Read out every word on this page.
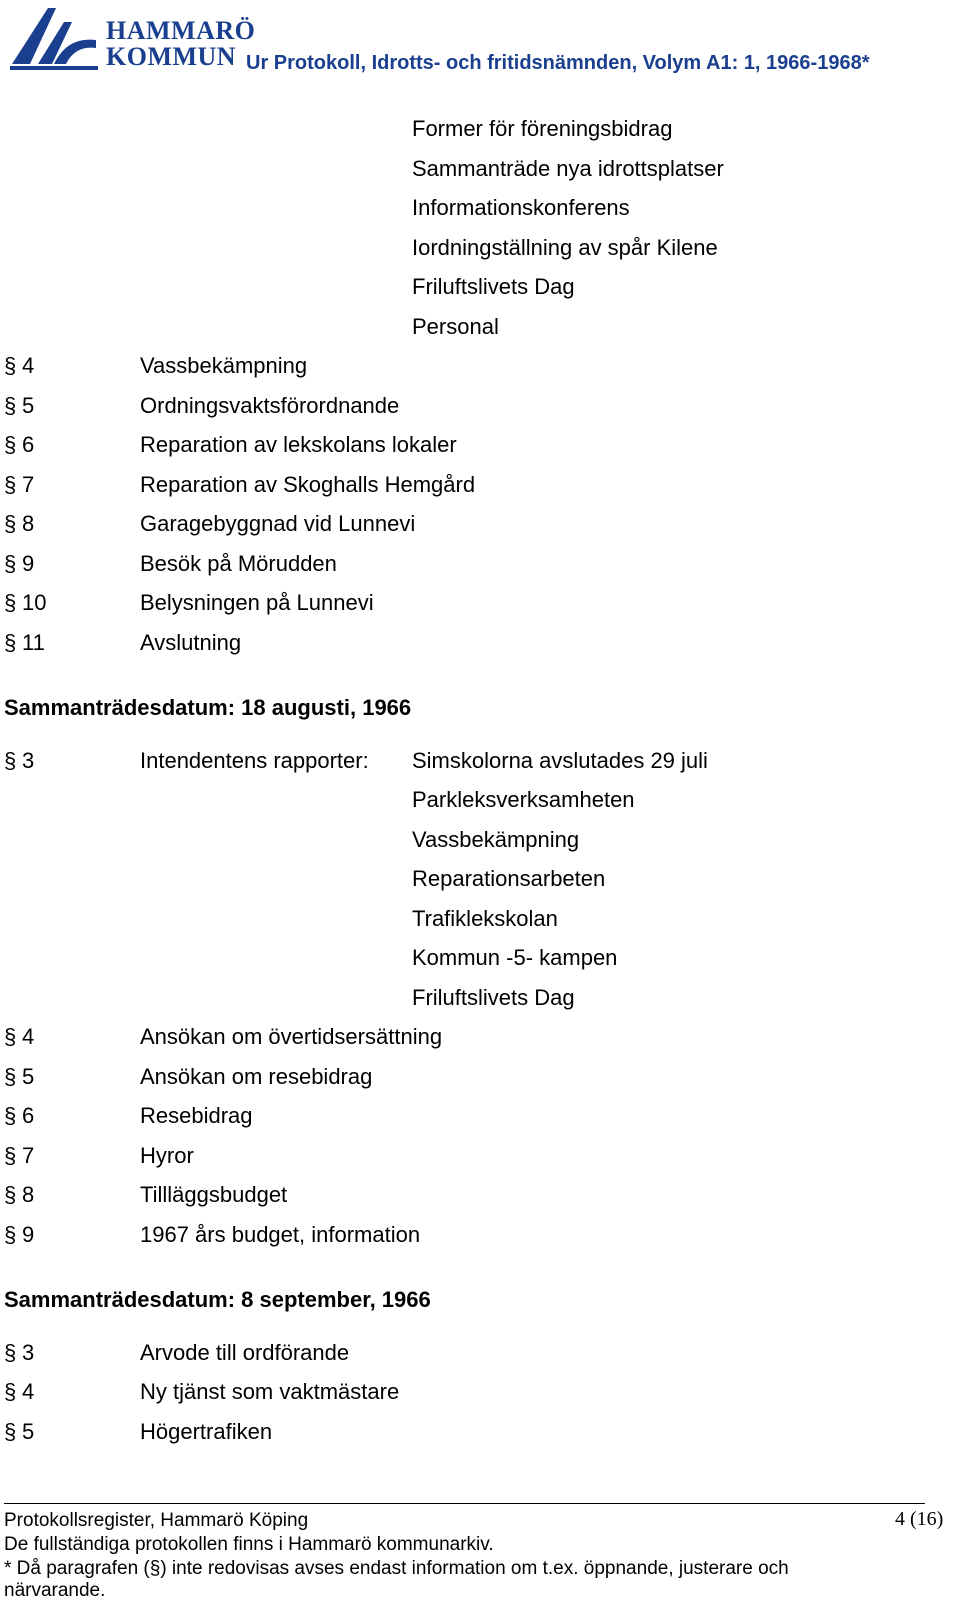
HAMMARÖ
KOMMUN Ur Protokoll, Idrotts- och fritidsnämnden, Volym A1: 1, 1966-1968*
Former för föreningsbidrag
Sammanträde nya idrottsplatser
Informationskonferens
Iordningställning av spår Kilene
Friluftslivets Dag
Personal
§ 4	Vassbekämpning
§ 5	Ordningsvaktsförordnande
§ 6	Reparation av lekskolans lokaler
§ 7	Reparation av Skoghalls Hemgård
§ 8	Garagebyggnad vid Lunnevi
§ 9	Besök på Mörudden
§ 10	Belysningen på Lunnevi
§ 11	Avslutning
Sammanträdesdatum: 18 augusti, 1966
§ 3	Intendentens rapporter: Simskolorna avslutades 29 juli
Parkleksverksamheten
Vassbekämpning
Reparationsarbeten
Trafiklekskolan
Kommun -5- kampen
Friluftslivets Dag
§ 4	Ansökan om övertidsersättning
§ 5	Ansökan om resebidrag
§ 6	Resebidrag
§ 7	Hyror
§ 8	Tillläggsbudget
§ 9	1967 års budget, information
Sammanträdesdatum: 8 september, 1966
§ 3	Arvode till ordförande
§ 4	Ny tjänst som vaktmästare
§ 5	Högertrafiken
Protokollsregister, Hammarö Köping
De fullständiga protokollen finns i Hammarö kommunarkiv.
* Då paragrafen (§) inte redovisas avses endast information om t.ex. öppnande, justerare och
närvarande.
4 (16)
